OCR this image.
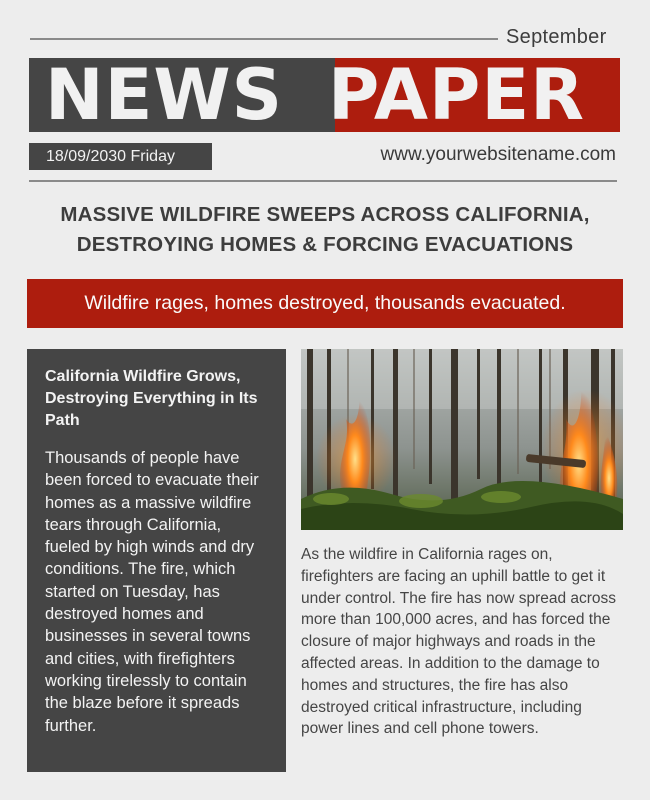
September
NEWS PAPER
18/09/2030 Friday	www.yourwebsitename.com
MASSIVE WILDFIRE SWEEPS ACROSS CALIFORNIA,
DESTROYING HOMES & FORCING EVACUATIONS
Wildfire rages, homes destroyed, thousands evacuated.
California Wildfire Grows, Destroying Everything in Its Path
Thousands of people have been forced to evacuate their homes as a massive wildfire tears through California, fueled by high winds and dry conditions. The fire, which started on Tuesday, has destroyed homes and businesses in several towns and cities, with firefighters working tirelessly to contain the blaze before it spreads further.
As the wildfire in California rages on, firefighters are facing an uphill battle to get it under control. The fire has now spread across more than 100,000 acres, and has forced the closure of major highways and roads in the affected areas. In addition to the damage to homes and structures, the fire has also destroyed critical infrastructure, including power lines and cell phone towers.
